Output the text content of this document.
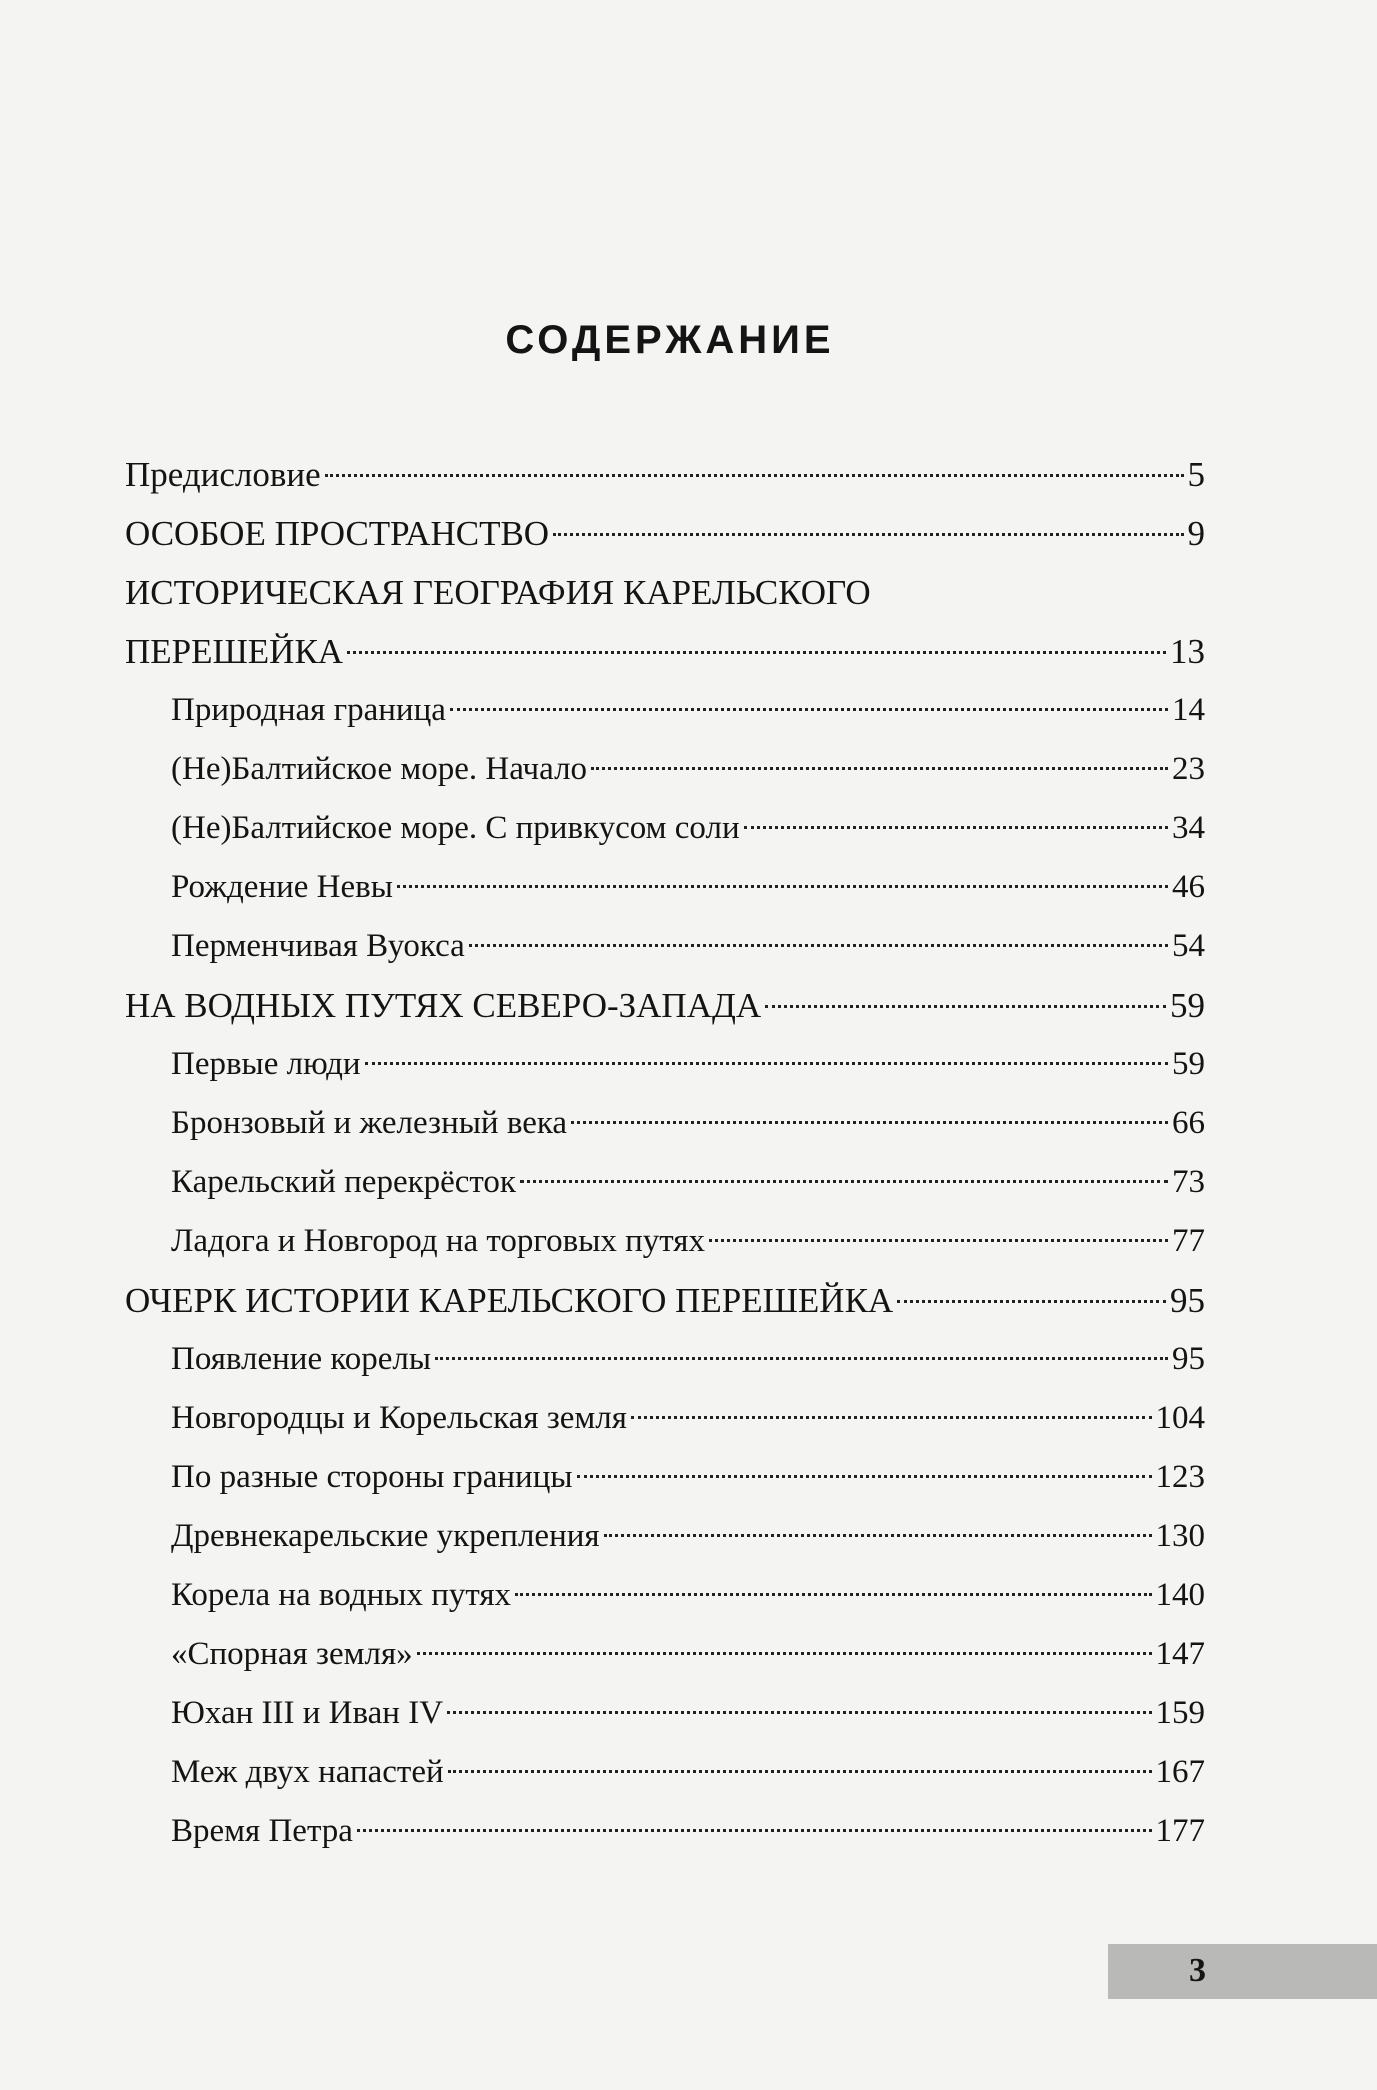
СОДЕРЖАНИЕ
Предисловие	5
ОСОБОЕ ПРОСТРАНСТВО	9
ИСТОРИЧЕСКАЯ ГЕОГРАФИЯ КАРЕЛЬСКОГО
ПЕРЕШЕЙКА	13
Природная граница	14
(Не)Балтийское море. Начало	23
(Не)Балтийское море. С привкусом соли	34
Рождение Невы	46
Перменчивая Вуокса	54
НА ВОДНЫХ ПУТЯХ СЕВЕРО-ЗАПАДА	59
Первые люди	59
Бронзовый и железный века	66
Карельский перекрёсток	73
Ладога и Новгород на торговых путях	77
ОЧЕРК ИСТОРИИ КАРЕЛЬСКОГО ПЕРЕШЕЙКА	95
Появление корелы	95
Новгородцы и Корельская земля	104
По разные стороны границы	123
Древнекарельские укрепления	130
Корела на водных путях	140
«Спорная земля»	147
Юхан III и Иван IV	159
Меж двух напастей	167
Время Петра	177
3
